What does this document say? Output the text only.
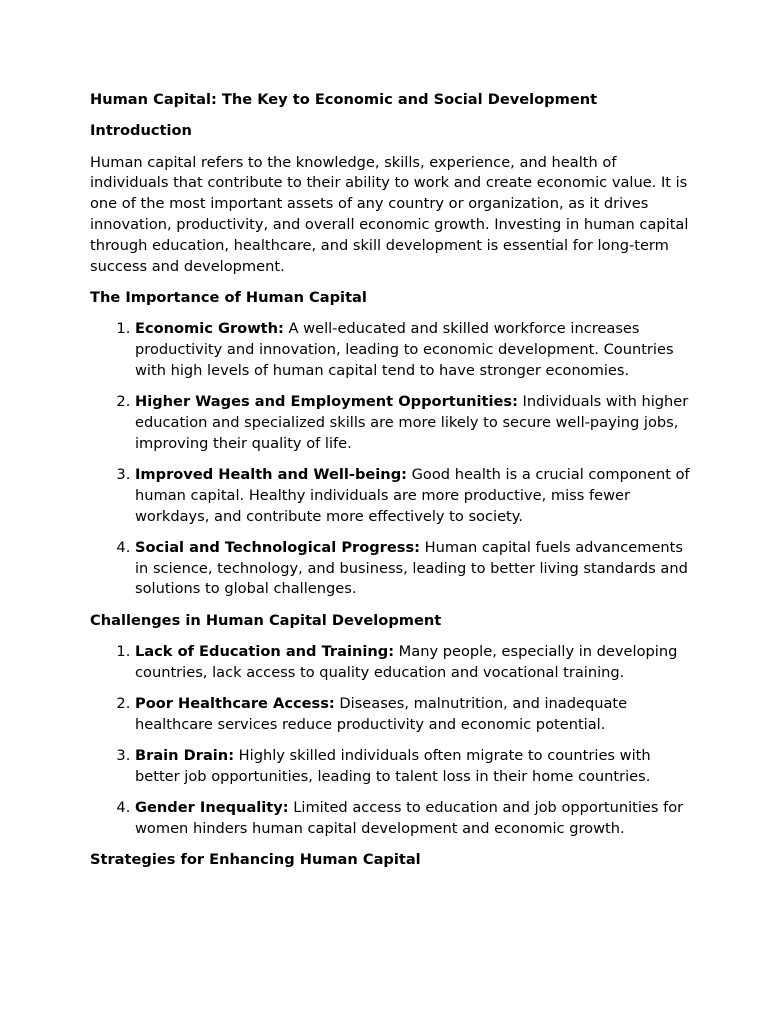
Human Capital: The Key to Economic and Social Development
Introduction
Human capital refers to the knowledge, skills, experience, and health of individuals that contribute to their ability to work and create economic value. It is one of the most important assets of any country or organization, as it drives innovation, productivity, and overall economic growth. Investing in human capital through education, healthcare, and skill development is essential for long-term success and development.
The Importance of Human Capital
1. Economic Growth: A well-educated and skilled workforce increases productivity and innovation, leading to economic development. Countries with high levels of human capital tend to have stronger economies.
2. Higher Wages and Employment Opportunities: Individuals with higher education and specialized skills are more likely to secure well-paying jobs, improving their quality of life.
3. Improved Health and Well-being: Good health is a crucial component of human capital. Healthy individuals are more productive, miss fewer workdays, and contribute more effectively to society.
4. Social and Technological Progress: Human capital fuels advancements in science, technology, and business, leading to better living standards and solutions to global challenges.
Challenges in Human Capital Development
1. Lack of Education and Training: Many people, especially in developing countries, lack access to quality education and vocational training.
2. Poor Healthcare Access: Diseases, malnutrition, and inadequate healthcare services reduce productivity and economic potential.
3. Brain Drain: Highly skilled individuals often migrate to countries with better job opportunities, leading to talent loss in their home countries.
4. Gender Inequality: Limited access to education and job opportunities for women hinders human capital development and economic growth.
Strategies for Enhancing Human Capital
